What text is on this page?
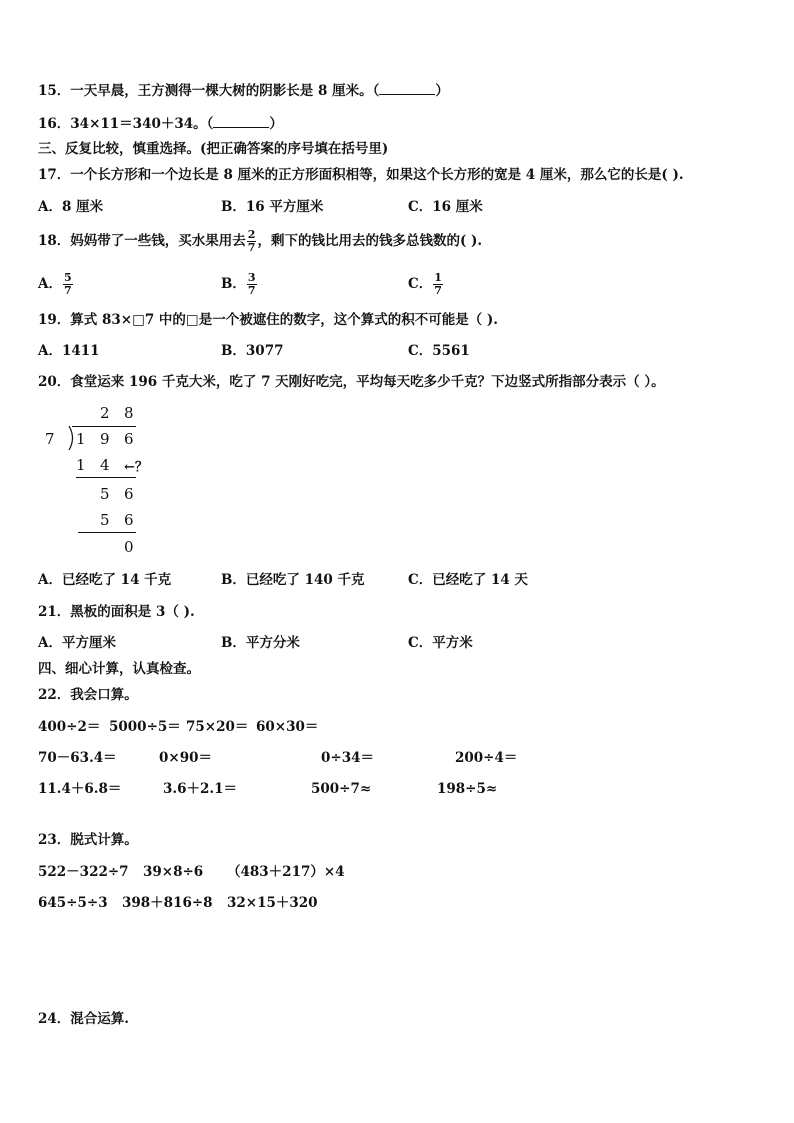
15．一天早晨，王方测得一棵大树的阴影长是 8 厘米。（	）
16．34×11＝340＋34。（	）
三、反复比较，慎重选择。(把正确答案的序号填在括号里)
17．一个长方形和一个边长是 8 厘米的正方形面积相等，如果这个长方形的宽是 4 厘米，那么它的长是( ).
A．8 厘米	B．16 平方厘米	C．16 厘米
18．妈妈带了一些钱，买水果用去 $\frac{2}{7}$ ，剩下的钱比用去的钱多总钱数的( ).
A． $\frac{5}{7}$	B． $\frac{3}{7}$	C． $\frac{1}{7}$
19．算式 83×□7 中的□是一个被遮住的数字，这个算式的积不可能是（ ).
A．1411	B．3077	C．5561
20．食堂运来 196 千克大米，吃了 7 天刚好吃完，平均每天吃多少千克？下边竖式所指部分表示（ ）。
2 8
7 1 9 6
1 4 ←？
5 6
5 6
0
A．已经吃了 14 千克	B．已经吃了 140 千克	C．已经吃了 14 天
21．黑板的面积是 3（ ).
A．平方厘米	B．平方分米	C．平方米
四、细心计算，认真检查。
22．我会口算。
400÷2＝ 5000÷5＝ 75×20＝ 60×30＝
70－63.4＝	0×90＝	0÷34＝	200÷4＝
11.4＋6.8＝	3.6＋2.1＝	500÷7≈	198÷5≈
23．脱式计算。
522－322÷7 39×8÷6 （483＋217）×4
645÷5÷3 398＋816÷8 32×15＋320
24．混合运算.
